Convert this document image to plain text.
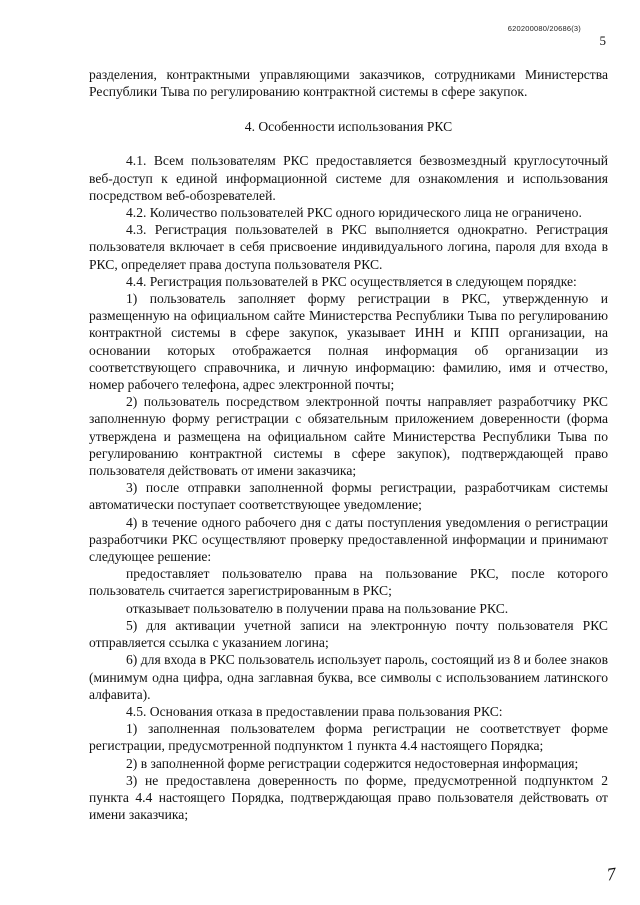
620200080/20686(3)
5

разделения, контрактными управляющими заказчиков, сотрудниками Министерства Республики Тыва по регулированию контрактной системы в сфере закупок.

4. Особенности использования РКС

4.1. Всем пользователям РКС предоставляется безвозмездный круглосуточный веб-доступ к единой информационной системе для ознакомления и использования посредством веб-обозревателей.

4.2. Количество пользователей РКС одного юридического лица не ограничено.

4.3. Регистрация пользователей в РКС выполняется однократно. Регистрация пользователя включает в себя присвоение индивидуального логина, пароля для входа в РКС, определяет права доступа пользователя РКС.

4.4. Регистрация пользователей в РКС осуществляется в следующем порядке:

1) пользователь заполняет форму регистрации в РКС, утвержденную и размещенную на официальном сайте Министерства Республики Тыва по регулированию контрактной системы в сфере закупок, указывает ИНН и КПП организации, на основании которых отображается полная информация об организации из соответствующего справочника, и личную информацию: фамилию, имя и отчество, номер рабочего телефона, адрес электронной почты;

2) пользователь посредством электронной почты направляет разработчику РКС заполненную форму регистрации с обязательным приложением доверенности (форма утверждена и размещена на официальном сайте Министерства Республики Тыва по регулированию контрактной системы в сфере закупок), подтверждающей право пользователя действовать от имени заказчика;

3) после отправки заполненной формы регистрации, разработчикам системы автоматически поступает соответствующее уведомление;

4) в течение одного рабочего дня с даты поступления уведомления о регистрации разработчики РКС осуществляют проверку предоставленной информации и принимают следующее решение:

предоставляет пользователю права на пользование РКС, после которого пользователь считается зарегистрированным в РКС;

отказывает пользователю в получении права на пользование РКС.

5) для активации учетной записи на электронную почту пользователя РКС отправляется ссылка с указанием логина;

6) для входа в РКС пользователь использует пароль, состоящий из 8 и более знаков (минимум одна цифра, одна заглавная буква, все символы с использованием латинского алфавита).

4.5. Основания отказа в предоставлении права пользования РКС:

1) заполненная пользователем форма регистрации не соответствует форме регистрации, предусмотренной подпунктом 1 пункта 4.4 настоящего Порядка;

2) в заполненной форме регистрации содержится недостоверная информация;

3) не предоставлена доверенность по форме, предусмотренной подпунктом 2 пункта 4.4 настоящего Порядка, подтверждающая право пользователя действовать от имени заказчика;

7
